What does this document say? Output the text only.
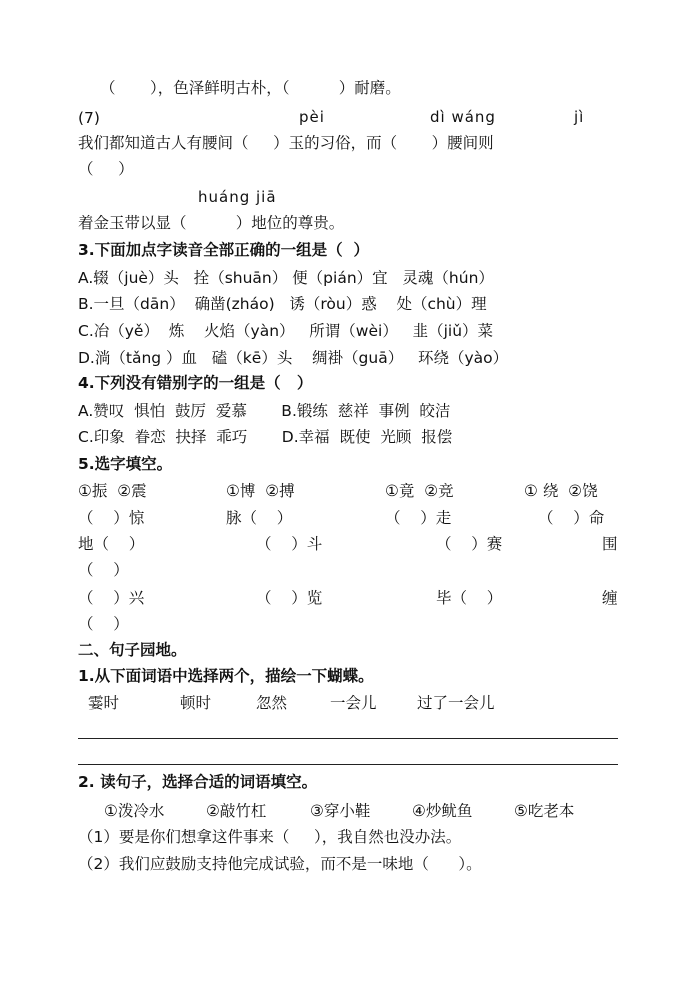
（       ），色泽鲜明古朴，（          ）耐磨。
(7)	pèi	dì wáng	jì
我们都知道古人有腰间（     ）玉的习俗，而（       ）腰间则
（     ）
huáng jiā
着金玉带以显（          ）地位的尊贵。
3.下面加点字读音全部正确的一组是（  ）
A.辍（juè）头   拴（shuān） 便（pián）宜   灵魂（hún）
B.一旦（dān）  确凿(zháo)   诱（ròu）惑    处（chù）理
C.冶（yě）  炼    火焰（yàn）   所谓（wèi）   韭（jiǔ）菜
D.淌（tǎng ）血   磕（kē）头    绸褂（guā）   环绕（yào）
4.下列没有错别字的一组是（   ）
A.赞叹  惧怕  鼓厉  爱慕       B.锻练  慈祥  事例  皎洁
C.印象  眷恋  抉择  乖巧       D.幸福  既使  光顾  报偿
5.选字填空。
①振  ②震	①博  ②搏	①竟  ②竞	① 绕  ②饶
（    ）惊	脉（    ）	（    ）走	（    ）命
地（    ）	（    ）斗	（    ）赛	围
（    ）
（    ）兴	（    ）览	毕（    ）	缠
（    ）
二、句子园地。
1.从下面词语中选择两个，描绘一下蝴蝶。
霎时	顿时	忽然	一会儿	过了一会儿
2. 读句子，选择合适的词语填空。
①泼冷水	②敲竹杠	③穿小鞋	④炒鱿鱼	⑤吃老本
（1）要是你们想拿这件事来（     ），我自然也没办法。
（2）我们应鼓励支持他完成试验，而不是一味地（      ）。
